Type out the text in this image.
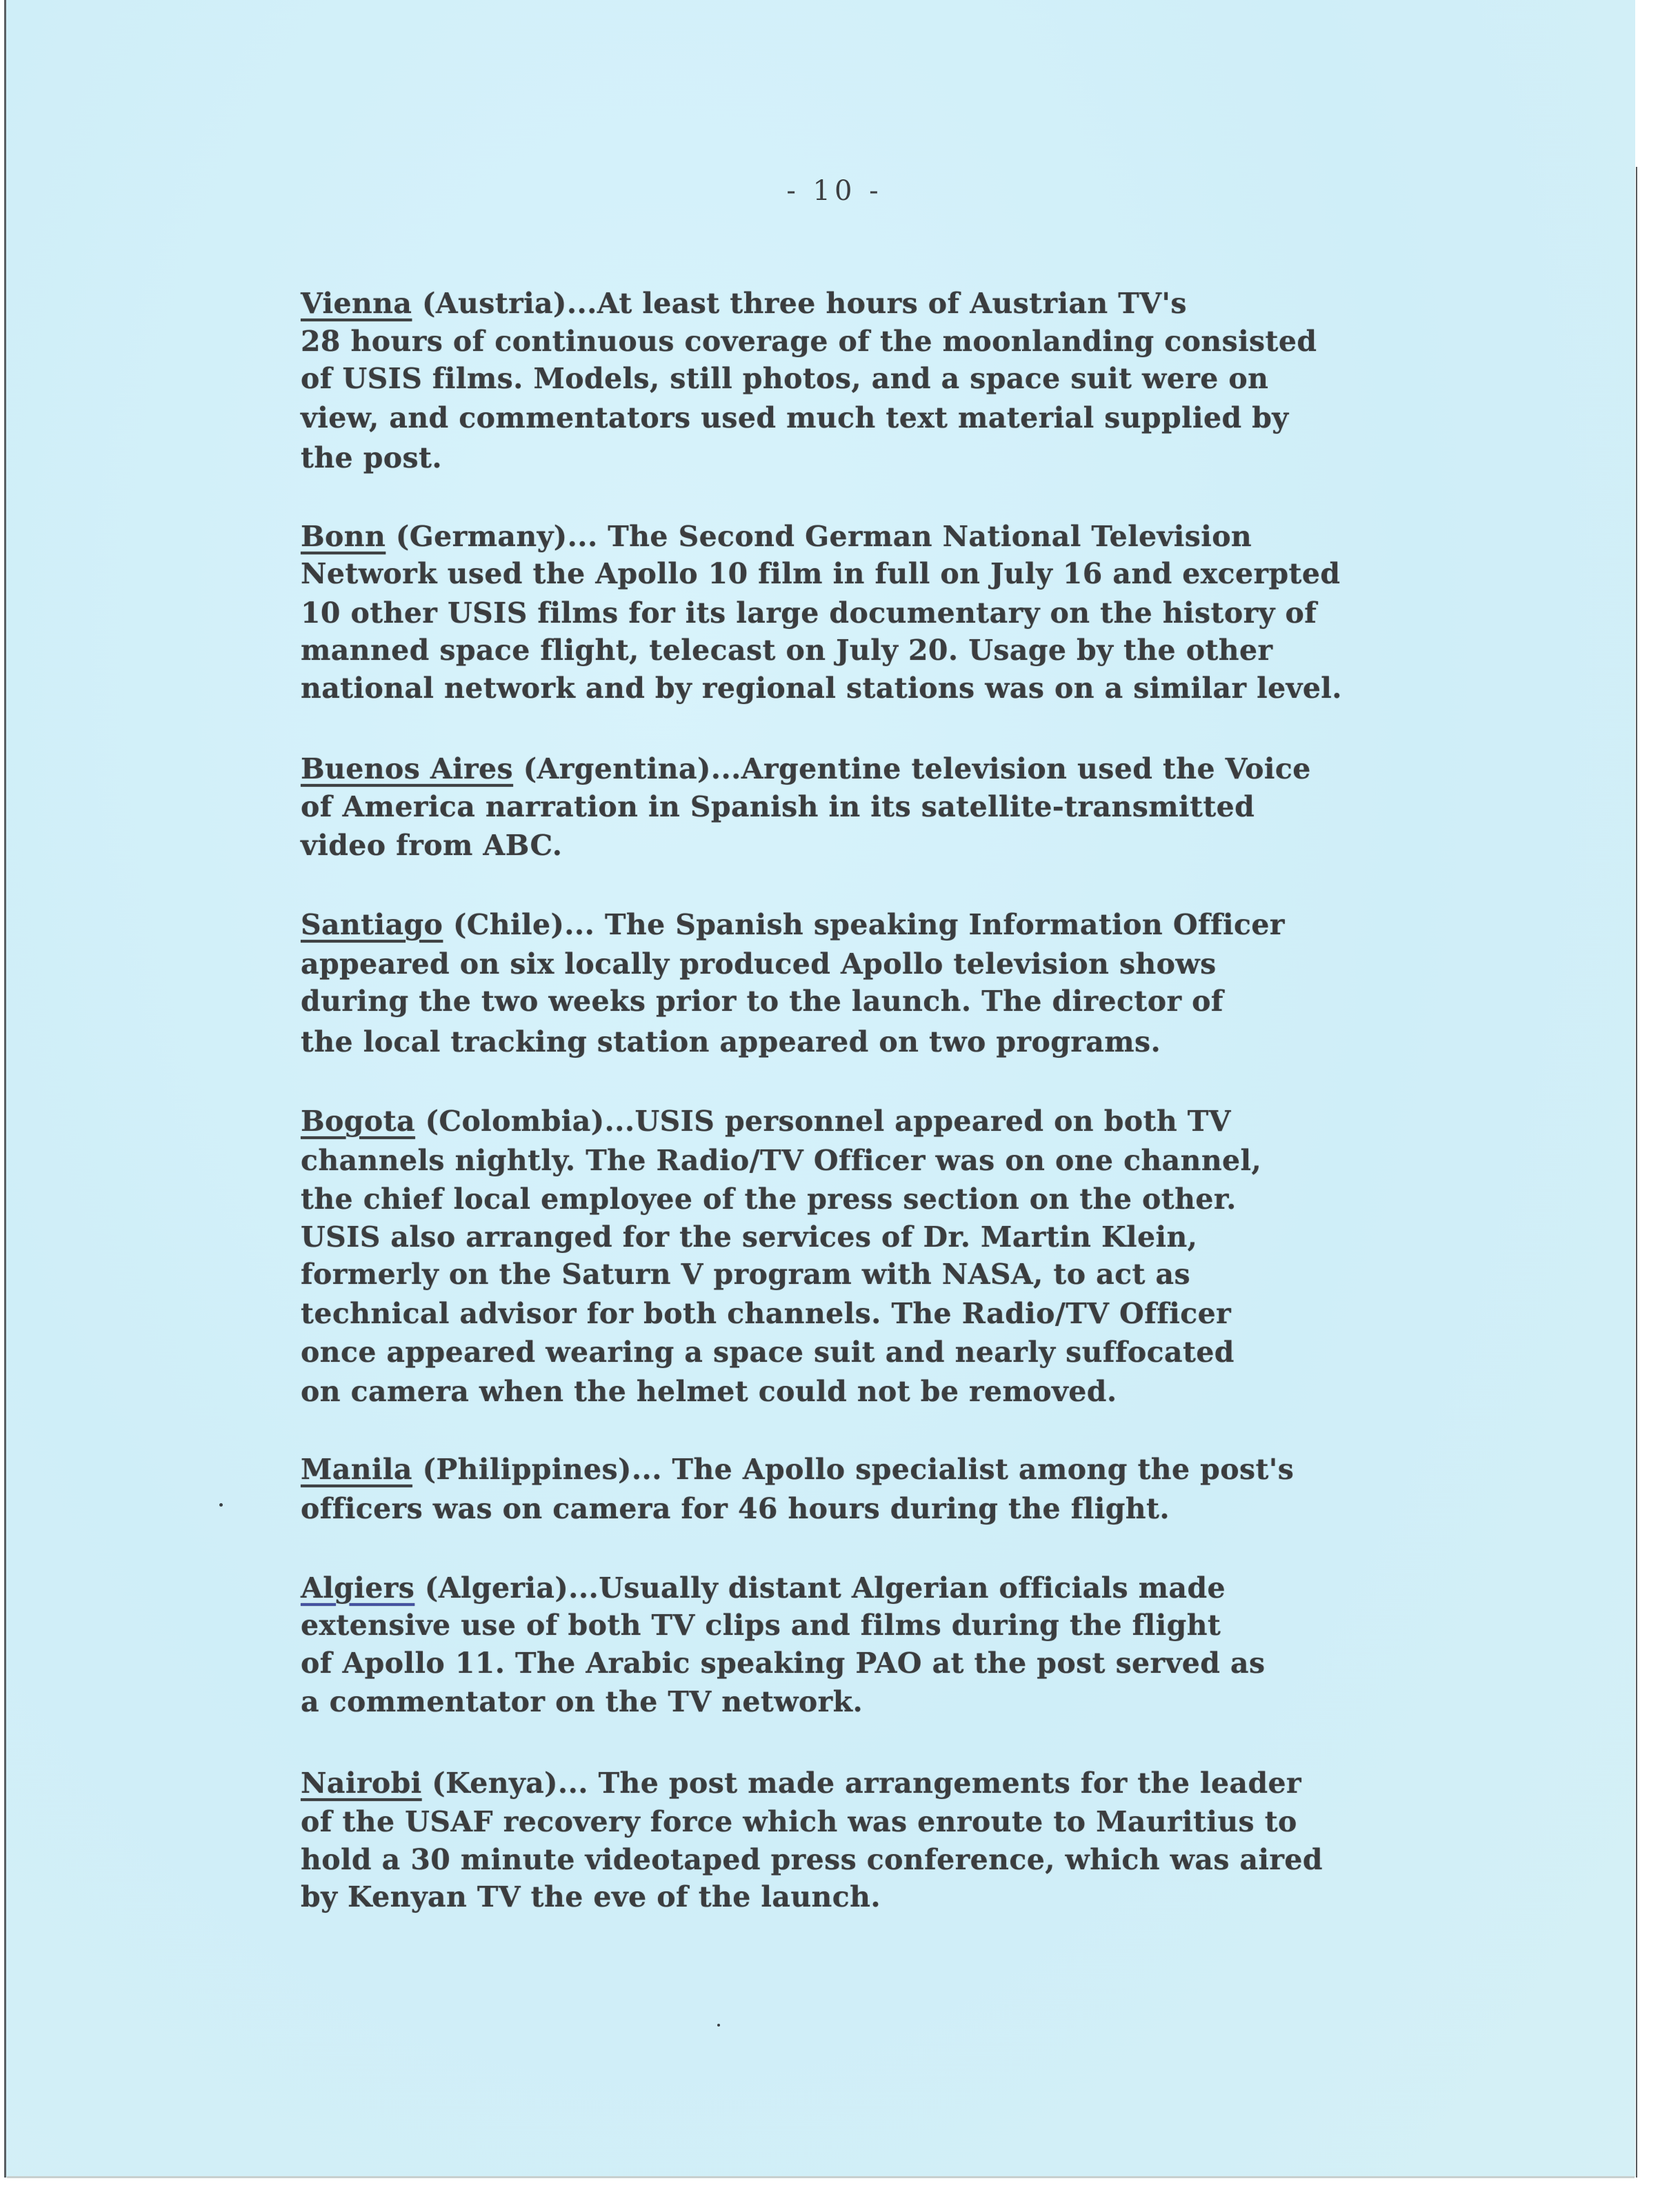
- 10 -
Vienna (Austria)...At least three hours of Austrian TV's
28 hours of continuous coverage of the moonlanding consisted
of USIS films. Models, still photos, and a space suit were on
view, and commentators used much text material supplied by
the post.
Bonn (Germany)... The Second German National Television
Network used the Apollo 10 film in full on July 16 and excerpted
10 other USIS films for its large documentary on the history of
manned space flight, telecast on July 20. Usage by the other
national network and by regional stations was on a similar level.
Buenos Aires (Argentina)...Argentine television used the Voice
of America narration in Spanish in its satellite-transmitted
video from ABC.
Santiago (Chile)... The Spanish speaking Information Officer
appeared on six locally produced Apollo television shows
during the two weeks prior to the launch. The director of
the local tracking station appeared on two programs.
Bogota (Colombia)...USIS personnel appeared on both TV
channels nightly. The Radio/TV Officer was on one channel,
the chief local employee of the press section on the other.
USIS also arranged for the services of Dr. Martin Klein,
formerly on the Saturn V program with NASA, to act as
technical advisor for both channels. The Radio/TV Officer
once appeared wearing a space suit and nearly suffocated
on camera when the helmet could not be removed.
Manila (Philippines)... The Apollo specialist among the post's
officers was on camera for 46 hours during the flight.
Algiers (Algeria)...Usually distant Algerian officials made
extensive use of both TV clips and films during the flight
of Apollo 11. The Arabic speaking PAO at the post served as
a commentator on the TV network.
Nairobi (Kenya)... The post made arrangements for the leader
of the USAF recovery force which was enroute to Mauritius to
hold a 30 minute videotaped press conference, which was aired
by Kenyan TV the eve of the launch.
